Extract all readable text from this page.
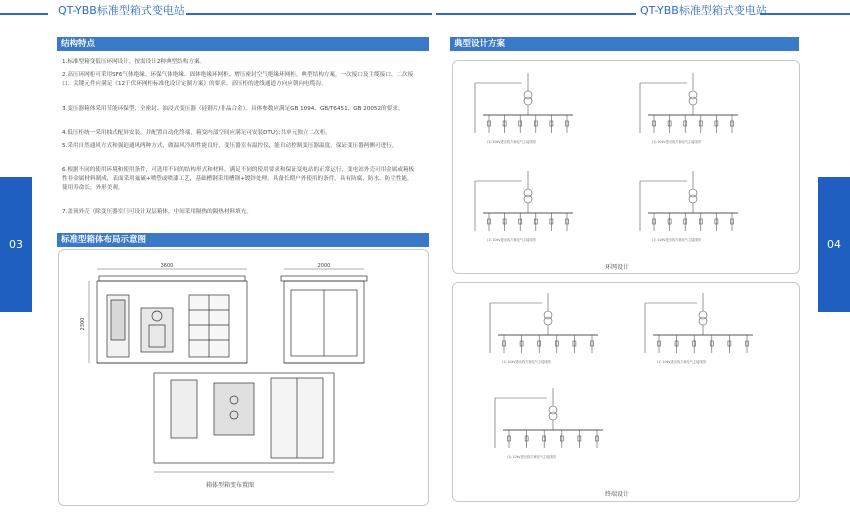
QT-YBB标准型箱式变电站
03
结构特点

1.标准型箱变低压环网设计、按需设计2种典型结构方案。

2.高压环网柜可采用SF6气体绝缘、环保气体绝缘、固体绝缘环网柜、增压密封空气绝缘环网柜。典型结构方案，一次接口及主缆接口、二次接口、关键元件应满足《12千伏环网柜标准化设计定制方案》的要求。高压柜的进线通道方向应朝向电缆沟。

3.变压器箱体采用节能环保型、全密封、油浸式变压器（硅钢片/非晶合金）。具体参数应满足GB 1094、GB/T6451、GB 20052的要求。

4.低压柜统一采用抽式配屏安装，并配置自动化终端，箱变内部空间应满足可安装DTU公共单元独立二次柜。

5.采用自然通风方式和强迫通风两种方式，做温风冷却性能良好，变压器室有温控仪，能自动控制变压器温度，保证变压器两侧可进行。

6.根据不同的使用环境和使用条件，可选用不同的结构形式和材料，满足不同的使用要求和保证变电站的正常运行，变电站外壳可用金属或箱板性非金属材料制成，表面采用氟碳+喷塑或喷漆工艺，基础槽钢采用槽钢+镀锌处理，具备长期户外使用的条件，具有防腐、防水、防尘性能，使用寿命长，外形美观。

7.盖顶外壳（除变压器室门可设计双层箱体，中间采用隔热的隔热材料填充。

标准型箱体布局示意图
3600
2300
2000
箱体型箱变布置图
QT-YBB标准型箱式变电站
04
典型设计方案
(1) 10kV进出线方案电气主接线图	(1) 10kV进出线方案电气主接线图
(1) 10kV进出线方案电气主接线图	(1) 10kV进出线方案电气主接线图
环网设计
(1) 10kV进出线方案电气主接线图	(1) 10kV进出线方案电气主接线图
(1) 10kV进出线方案电气主接线图
终端设计
